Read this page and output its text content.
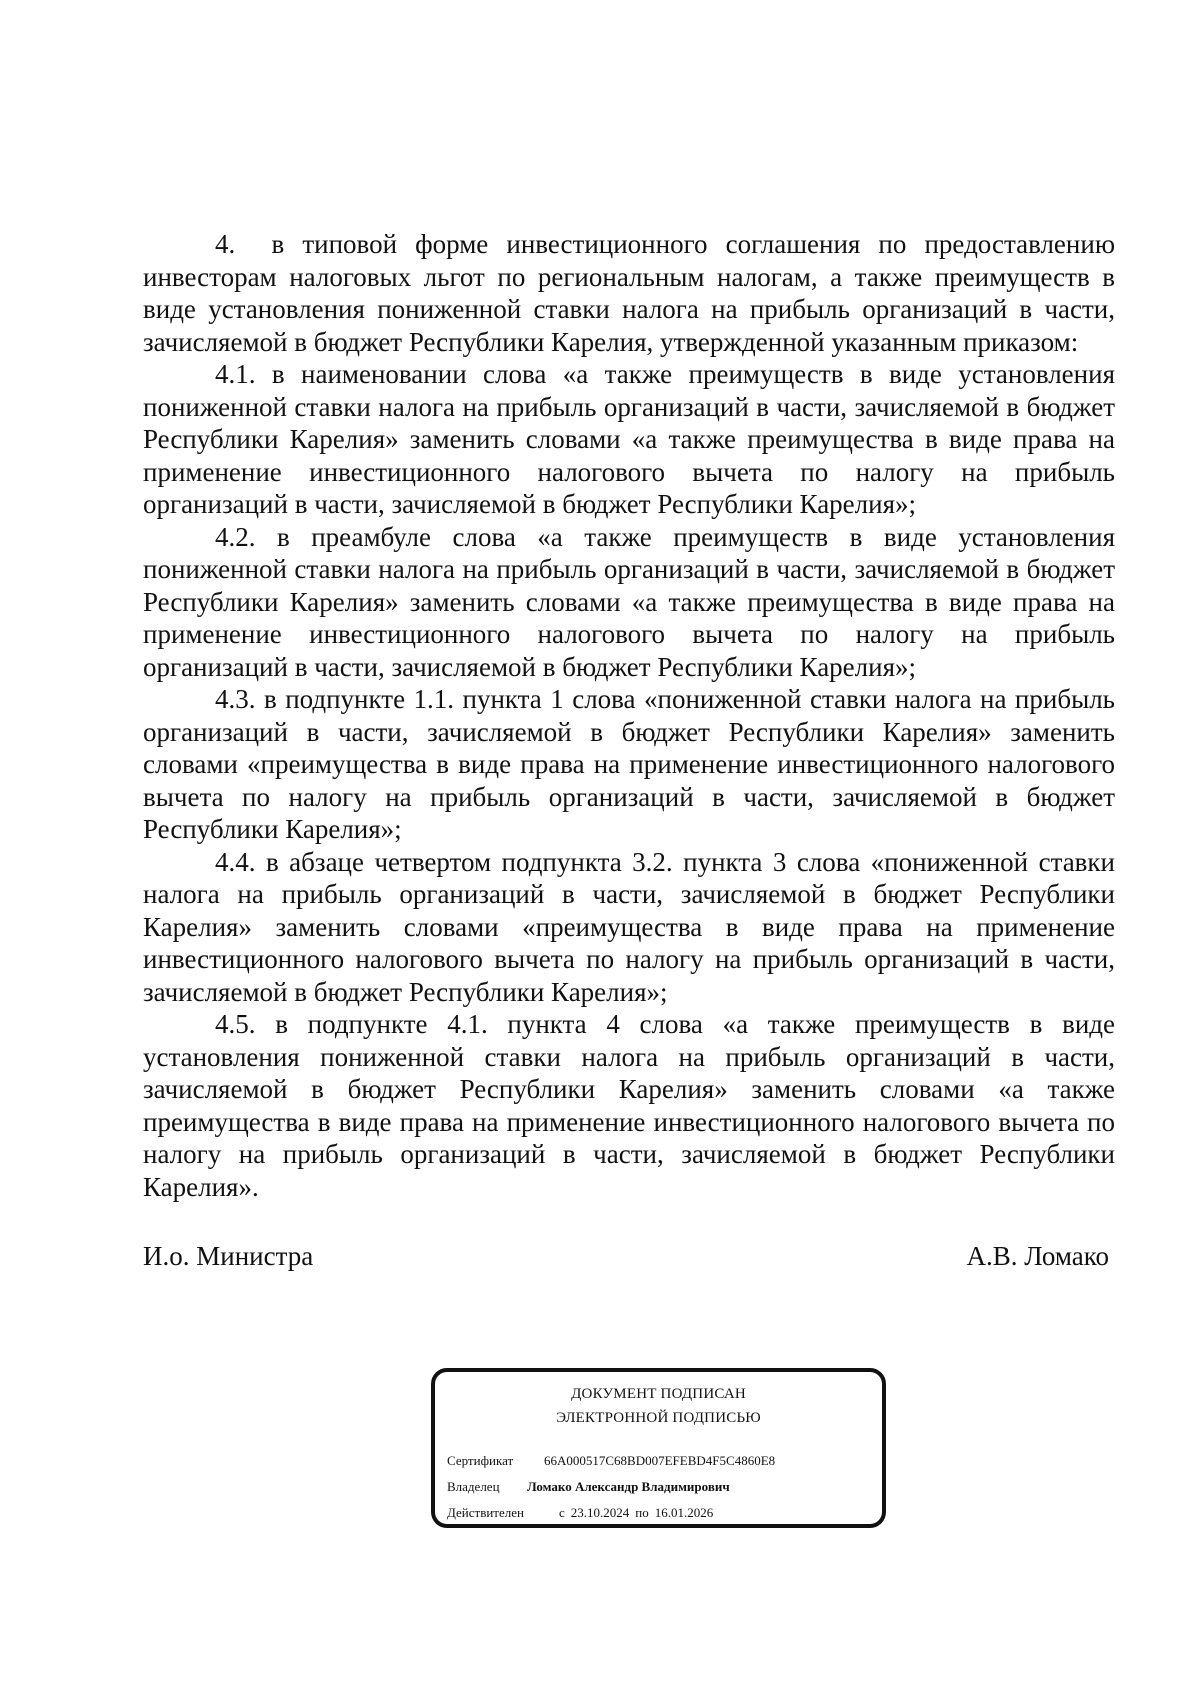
4.  в типовой форме инвестиционного соглашения по предоставлению инвесторам налоговых льгот по региональным налогам, а также преимуществ в виде установления пониженной ставки налога на прибыль организаций в части, зачисляемой в бюджет Республики Карелия, утвержденной указанным приказом:

4.1. в наименовании слова «а также преимуществ в виде установления пониженной ставки налога на прибыль организаций в части, зачисляемой в бюджет Республики Карелия» заменить словами «а также преимущества в виде права на применение инвестиционного налогового вычета по налогу на прибыль организаций в части, зачисляемой в бюджет Республики Карелия»;

4.2. в преамбуле слова «а также преимуществ в виде установления пониженной ставки налога на прибыль организаций в части, зачисляемой в бюджет Республики Карелия» заменить словами «а также преимущества в виде права на применение инвестиционного налогового вычета по налогу на прибыль организаций в части, зачисляемой в бюджет Республики Карелия»;

4.3. в подпункте 1.1. пункта 1 слова «пониженной ставки налога на прибыль организаций в части, зачисляемой в бюджет Республики Карелия» заменить словами «преимущества в виде права на применение инвестиционного налогового вычета по налогу на прибыль организаций в части, зачисляемой в бюджет Республики Карелия»;

4.4. в абзаце четвертом подпункта 3.2. пункта 3 слова «пониженной ставки налога на прибыль организаций в части, зачисляемой в бюджет Республики Карелия» заменить словами «преимущества в виде права на применение инвестиционного налогового вычета по налогу на прибыль организаций в части, зачисляемой в бюджет Республики Карелия»;

4.5. в подпункте 4.1. пункта 4 слова «а также преимуществ в виде установления пониженной ставки налога на прибыль организаций в части, зачисляемой в бюджет Республики Карелия» заменить словами «а также преимущества в виде права на применение инвестиционного налогового вычета по налогу на прибыль организаций в части, зачисляемой в бюджет Республики Карелия».

И.о. Министра	А.В. Ломако
ДОКУМЕНТ ПОДПИСАН
ЭЛЕКТРОННОЙ ПОДПИСЬЮ
Сертификат 66A000517C68BD007EFEBD4F5C4860E8
Владелец Ломако Александр Владимирович
Действителен	с 23.10.2024 по 16.01.2026
